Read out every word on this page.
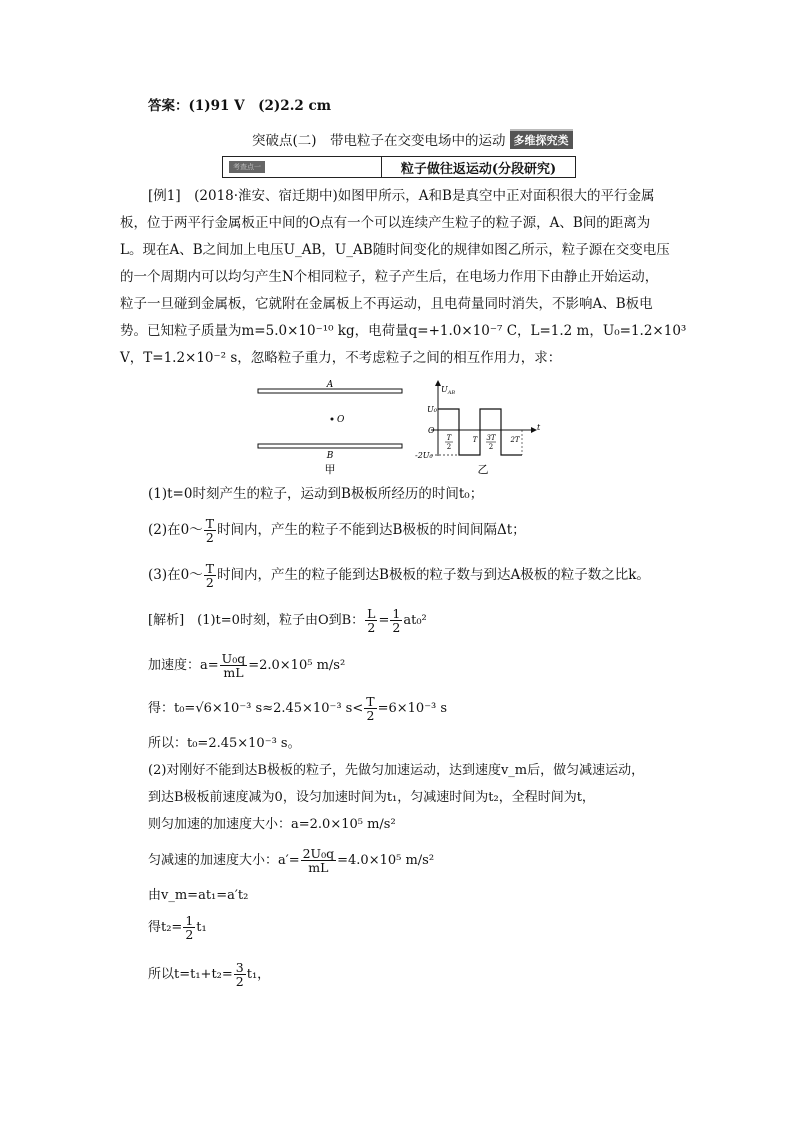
答案：(1)91 V　(2)2.2 cm
突破点(二)　带电粒子在交变电场中的运动 多维探究类
考查点一	粒子做往返运动(分段研究)
[例1]　(2018·淮安、宿迁期中)如图甲所示，A和B是真空中正对面积很大的平行金属
板，位于两平行金属板正中间的O点有一个可以连续产生粒子的粒子源，A、B间的距离为
L。现在A、B之间加上电压U_AB，U_AB随时间变化的规律如图乙所示，粒子源在交变电压
的一个周期内可以均匀产生N个相同粒子，粒子产生后，在电场力作用下由静止开始运动，
粒子一旦碰到金属板，它就附在金属板上不再运动，且电荷量同时消失，不影响A、B板电
势。已知粒子质量为m=5.0×10⁻¹⁰ kg，电荷量q=+1.0×10⁻⁷ C，L=1.2 m，U₀=1.2×10³
V，T=1.2×10⁻² s，忽略粒子重力，不考虑粒子之间的相互作用力，求：
A
O
B
甲
$U_{AB}$
t
O
U₀
-2U₀
T
2
T 3T
2
2T
乙
(1)t=0时刻产生的粒子，运动到B极板所经历的时间t₀；
(2)在0～ $\frac{T}{2}$ 时间内，产生的粒子不能到达B极板的时间间隔Δt；
(3)在0～ $\frac{T}{2}$ 时间内，产生的粒子能到达B极板的粒子数与到达A极板的粒子数之比k。
[解析]　(1)t=0时刻，粒子由O到B： $\frac{L}{2} = \frac{1}{2} at_0^2$
加速度：$a= \frac{\text{U₀q}}{mL} =2.0\times 10^5$ m/s²
得：t₀=√6×10⁻³ s≈2.45×10⁻³ $s< \frac{T}{2} =6\times 10^{-3}$ s
所以：t₀=2.45×10⁻³ s。
(2)对刚好不能到达B极板的粒子，先做匀加速运动，达到速度v_m后，做匀减速运动，
到达B极板前速度减为0，设匀加速时间为t₁，匀减速时间为t₂，全程时间为t，
则匀加速的加速度大小：a=2.0×10⁵ m/s²
匀减速的加速度大小：$a'= \frac{\text{2U₀q}}{mL} =4.0\times 10^5$ m/s²
由v_m=at₁=a′t₂
得$t_2= \frac{1}{2} t_1$
所以$t=t_1+t_2= \frac{3}{2} t_1$，
